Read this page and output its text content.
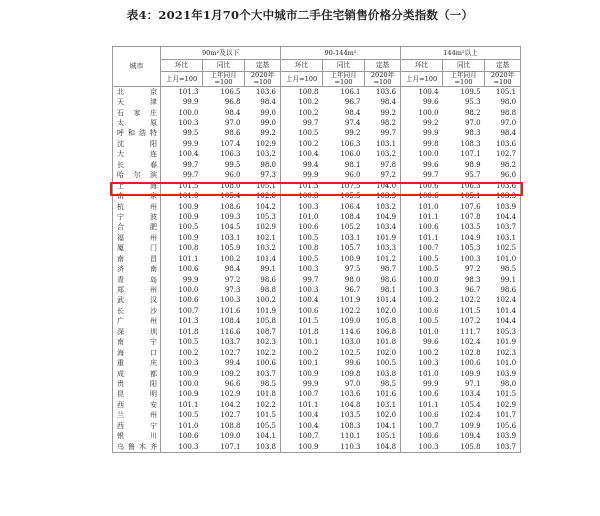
表4：2021年1月70个大中城市二手住宅销售价格分类指数（一）
城市	90m²及以下			90-144m²			144m²以上		
	环比	同比	定基	环比	同比	定基	环比	同比	定基
	上月=100	上年同月=100	2020年=100	上月=100	上年同月=100	2020年=100	上月=100	上年同月=100	2020年=100
北　京	101.3	106.5	103.6	100.8	106.1	103.6	100.4	109.5	105.1
天　津	99.9	96.8	98.4	100.2	96.7	98.4	99.6	95.3	98.0
石家庄	100.0	98.4	99.0	100.2	98.4	99.2	100.0	98.2	98.8
太　原	100.3	97.0	99.0	99.7	97.4	98.2	99.2	97.0	97.0
呼和浩特	99.5	98.6	99.2	100.5	99.2	99.7	99.9	98.3	98.4
沈　阳	99.9	107.4	102.9	100.2	106.3	103.1	99.8	108.3	103.6
大　连	100.4	106.3	103.2	100.4	106.0	103.2	100.0	107.1	102.7
长　春	99.7	99.5	98.0	99.4	98.1	97.8	99.6	98.9	98.2
哈尔滨	99.7	96.0	97.3	99.9	96.0	97.2	99.7	95.7	96.0
上　海	101.5	108.0	105.1	101.3	107.5	104.0	100.6	106.3	103.6
南　京	101.0	105.4	102.6	100.8	105.5	103.3	100.6	105.1	103.3
杭　州	100.9	108.6	104.2	100.3	106.4	103.2	101.0	107.6	103.9
宁　波	100.9	109.3	105.3	101.0	108.4	104.9	101.1	107.8	104.4
合　肥	100.5	104.5	102.9	100.6	105.2	103.4	100.6	103.5	103.7
福　州	100.9	103.1	102.1	100.5	103.1	101.9	101.1	104.9	103.1
厦　门	100.8	105.9	103.2	100.8	105.7	103.3	100.7	105.3	102.5
南　昌	101.1	100.2	101.4	100.5	100.9	101.2	100.5	100.3	101.0
济　南	100.6	98.4	99.1	100.3	97.5	98.7	100.5	97.2	98.5
青　岛	99.9	97.2	98.6	99.7	98.0	98.6	100.0	98.3	99.1
郑　州	100.0	97.3	98.8	100.3	96.7	98.1	100.3	96.7	98.6
武　汉	100.6	100.3	100.2	100.4	101.9	101.4	100.2	102.2	102.4
长　沙	100.7	101.6	101.9	100.6	102.2	102.0	100.6	101.5	101.4
广　州	101.3	108.4	105.8	101.5	109.0	105.8	100.5	107.2	104.4
深　圳	101.8	116.6	108.7	101.8	114.6	106.8	101.0	111.7	105.3
南　宁	100.5	103.7	102.3	100.1	103.0	101.8	99.6	102.4	101.9
海　口	100.2	102.7	102.2	100.2	102.5	102.0	100.2	102.8	102.3
重　庆	100.3	99.4	100.6	100.1	99.6	100.5	100.3	100.6	101.0
成　都	100.9	109.2	103.7	100.9	109.8	103.8	101.0	109.9	103.9
贵　阳	100.0	96.6	98.5	99.9	97.0	98.5	99.9	97.1	98.0
昆　明	100.9	102.9	101.8	100.7	103.6	101.6	100.6	103.4	101.5
西　安	101.1	104.2	102.2	101.1	104.8	103.1	101.1	105.4	102.9
兰　州	100.5	102.7	101.5	100.4	103.5	102.0	100.6	102.4	101.7
西　宁	101.0	108.8	105.5	100.4	108.3	104.1	100.7	109.9	105.6
银　川	100.6	109.0	104.1	100.7	110.1	105.1	100.6	109.4	103.9
乌鲁木齐	100.3	107.1	103.8	100.9	110.3	104.8	100.3	105.8	103.7
